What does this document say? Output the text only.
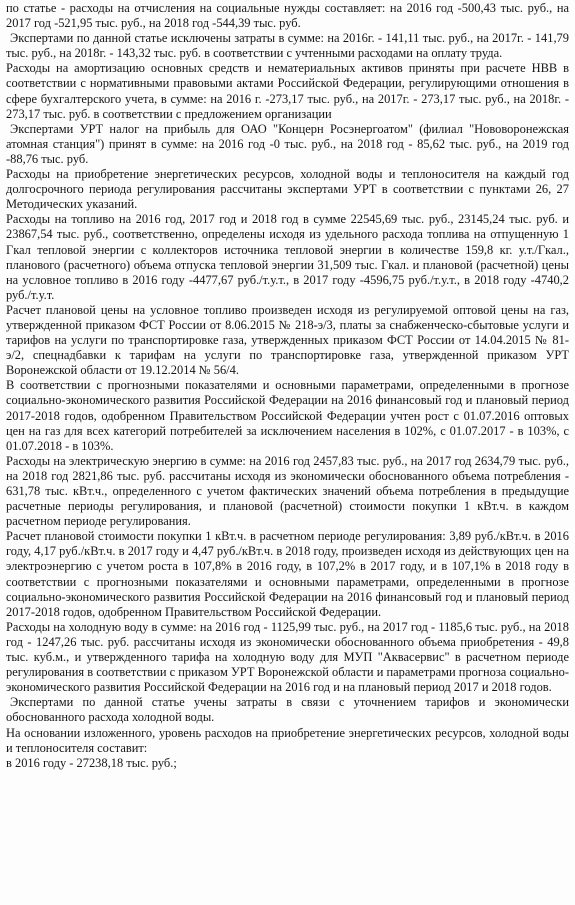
по статье - расходы на отчисления на социальные нужды составляет: на 2016 год -500,43 тыс. руб., на 2017 год -521,95 тыс. руб., на 2018 год -544,39 тыс. руб.

Экспертами по данной статье исключены затраты в сумме: на 2016г. - 141,11 тыс. руб., на 2017г. - 141,79 тыс. руб., на 2018г. - 143,32 тыс. руб. в соответствии с учтенными расходами на оплату труда.

Расходы на амортизацию основных средств и нематериальных активов приняты при расчете НВВ в соответствии с нормативными правовыми актами Российской Федерации, регулирующими отношения в сфере бухгалтерского учета, в сумме: на 2016 г. -273,17 тыс. руб., на 2017г. - 273,17 тыс. руб., на 2018г. - 273,17 тыс. руб. в соответствии с предложением организации

Экспертами УРТ налог на прибыль для ОАО "Концерн Росэнергоатом" (филиал "Нововоронежская атомная станция") принят в сумме: на 2016 год -0 тыс. руб., на 2018 год - 85,62 тыс. руб., на 2019 год -88,76 тыс. руб.

Расходы на приобретение энергетических ресурсов, холодной воды и теплоносителя на каждый год долгосрочного периода регулирования рассчитаны экспертами УРТ в соответствии с пунктами 26, 27 Методических указаний.

Расходы на топливо на 2016 год, 2017 год и 2018 год в сумме 22545,69 тыс. руб., 23145,24 тыс. руб. и 23867,54 тыс. руб., соответственно, определены исходя из удельного расхода топлива на отпущенную 1 Гкал тепловой энергии с коллекторов источника тепловой энергии в количестве 159,8 кг. у.т./Гкал., планового (расчетного) объема отпуска тепловой энергии 31,509 тыс. Гкал. и плановой (расчетной) цены на условное топливо в 2016 году -4477,67 руб./т.у.т., в 2017 году -4596,75 руб./т.у.т., в 2018 году -4740,2 руб./т.у.т.

Расчет плановой цены на условное топливо произведен исходя из регулируемой оптовой цены на газ, утвержденной приказом ФСТ России от 8.06.2015 № 218-э/3, платы за снабженческо-сбытовые услуги и тарифов на услуги по транспортировке газа, утвержденных приказом ФСТ России от 14.04.2015 № 81-э/2, спецнадбавки к тарифам на услуги по транспортировке газа, утвержденной приказом УРТ Воронежской области от 19.12.2014 № 56/4.

В соответствии с прогнозными показателями и основными параметрами, определенными в прогнозе социально-экономического развития Российской Федерации на 2016 финансовый год и плановый период 2017-2018 годов, одобренном Правительством Российской Федерации учтен рост с 01.07.2016 оптовых цен на газ для всех категорий потребителей за исключением населения в 102%, с 01.07.2017 - в 103%, с 01.07.2018 - в 103%.

Расходы на электрическую энергию в сумме: на 2016 год 2457,83 тыс. руб., на 2017 год 2634,79 тыс. руб., на 2018 год 2821,86 тыс. руб. рассчитаны исходя из экономически обоснованного объема потребления - 631,78 тыс. кВт.ч., определенного с учетом фактических значений объема потребления в предыдущие расчетные периоды регулирования, и плановой (расчетной) стоимости покупки 1 кВт.ч. в каждом расчетном периоде регулирования.

Расчет плановой стоимости покупки 1 кВт.ч. в расчетном периоде регулирования: 3,89 руб./кВт.ч. в 2016 году, 4,17 руб./кВт.ч. в 2017 году и 4,47 руб./кВт.ч. в 2018 году, произведен исходя из действующих цен на электроэнергию с учетом роста в 107,8% в 2016 году, в 107,2% в 2017 году, и в 107,1% в 2018 году в соответствии с прогнозными показателями и основными параметрами, определенными в прогнозе социально-экономического развития Российской Федерации на 2016 финансовый год и плановый период 2017-2018 годов, одобренном Правительством Российской Федерации.

Расходы на холодную воду в сумме: на 2016 год - 1125,99 тыс. руб., на 2017 год - 1185,6 тыс. руб., на 2018 год - 1247,26 тыс. руб. рассчитаны исходя из экономически обоснованного объема приобретения - 49,8 тыс. куб.м., и утвержденного тарифа на холодную воду для МУП "Аквасервис" в расчетном периоде регулирования в соответствии с приказом УРТ Воронежской области и параметрами прогноза социально-экономического развития Российской Федерации на 2016 год и на плановый период 2017 и 2018 годов.

Экспертами по данной статье учены затраты в связи с уточнением тарифов и экономически обоснованного расхода холодной воды.

На основании изложенного, уровень расходов на приобретение энергетических ресурсов, холодной воды и теплоносителя составит:

в 2016 году - 27238,18 тыс. руб.;
